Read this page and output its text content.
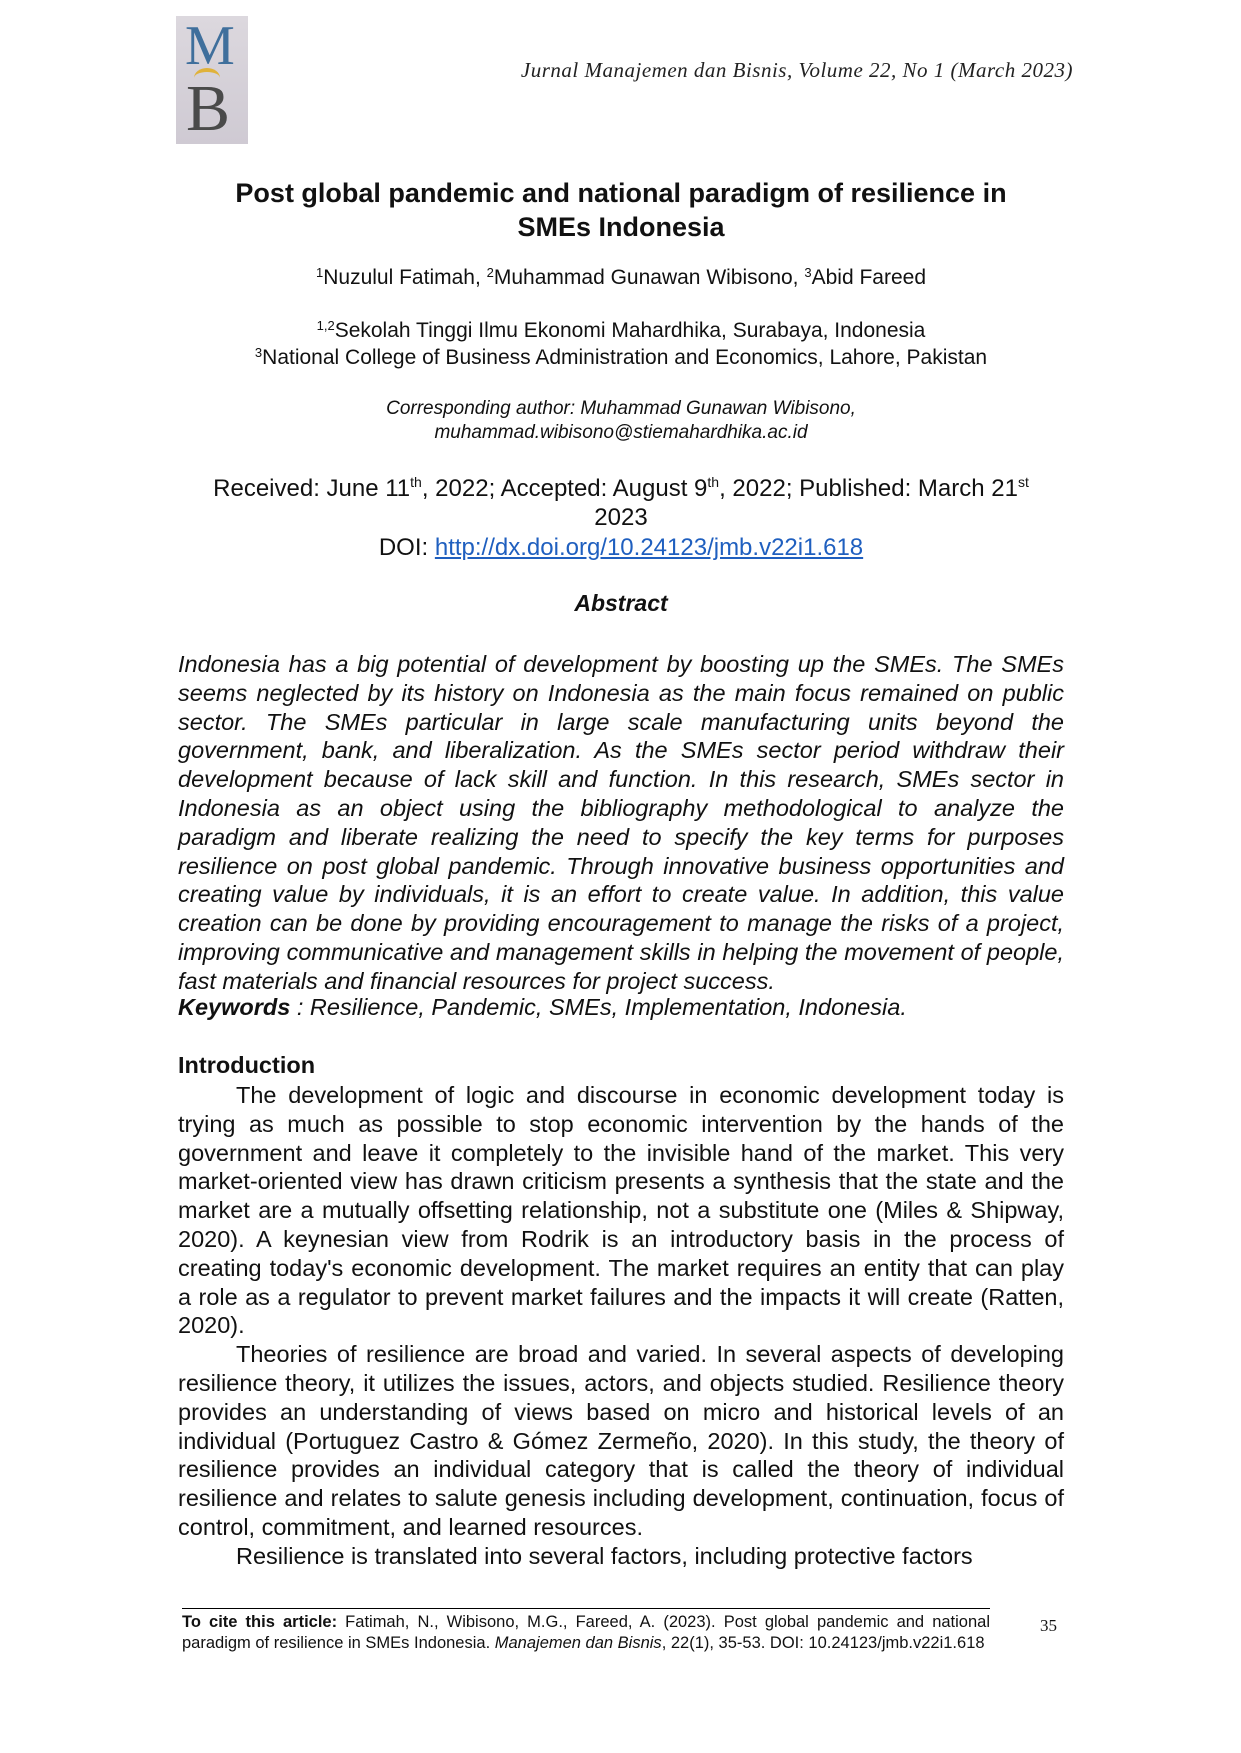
M
B
Jurnal Manajemen dan Bisnis, Volume 22, No 1 (March 2023)
Post global pandemic and national paradigm of resilience in
SMEs Indonesia
$^1$Nuzulul Fatimah, $^2$Muhammad Gunawan Wibisono, $^3$Abid Fareed
$^{1,2}$Sekolah Tinggi Ilmu Ekonomi Mahardhika, Surabaya, Indonesia
$^3$National College of Business Administration and Economics, Lahore, Pakistan
Corresponding author: Muhammad Gunawan Wibisono,
muhammad.wibisono@stiemahardhika.ac.id
Received: June 11th, 2022; Accepted: August 9th, 2022; Published: March 21st
2023
DOI: http://dx.doi.org/10.24123/jmb.v22i1.618
Abstract
Indonesia has a big potential of development by boosting up the SMEs. The SMEs seems neglected by its history on Indonesia as the main focus remained on public sector. The SMEs particular in large scale manufacturing units beyond the government, bank, and liberalization. As the SMEs sector period withdraw their development because of lack skill and function. In this research, SMEs sector in Indonesia as an object using the bibliography methodological to analyze the paradigm and liberate realizing the need to specify the key terms for purposes resilience on post global pandemic. Through innovative business opportunities and creating value by individuals, it is an effort to create value. In addition, this value creation can be done by providing encouragement to manage the risks of a project, improving communicative and management skills in helping the movement of people, fast materials and financial resources for project success.
Keywords : Resilience, Pandemic, SMEs, Implementation, Indonesia.
Introduction

The development of logic and discourse in economic development today is trying as much as possible to stop economic intervention by the hands of the government and leave it completely to the invisible hand of the market. This very market-oriented view has drawn criticism presents a synthesis that the state and the market are a mutually offsetting relationship, not a substitute one (Miles & Shipway, 2020). A keynesian view from Rodrik is an introductory basis in the process of creating today's economic development. The market requires an entity that can play a role as a regulator to prevent market failures and the impacts it will create (Ratten, 2020).

Theories of resilience are broad and varied. In several aspects of developing resilience theory, it utilizes the issues, actors, and objects studied. Resilience theory provides an understanding of views based on micro and historical levels of an individual (Portuguez Castro & Gómez Zermeño, 2020). In this study, the theory of resilience provides an individual category that is called the theory of individual resilience and relates to salute genesis including development, continuation, focus of control, commitment, and learned resources.

Resilience is translated into several factors, including protective factors

To cite this article: Fatimah, N., Wibisono, M.G., Fareed, A. (2023). Post global pandemic and national paradigm of resilience in SMEs Indonesia. Manajemen dan Bisnis, 22(1), 35-53. DOI: 10.24123/jmb.v22i1.618
35
